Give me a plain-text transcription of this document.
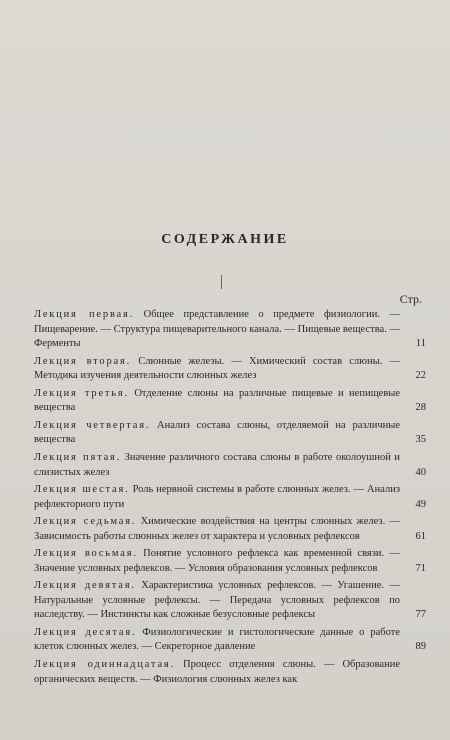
СОДЕРЖАНИЕ
Стр.
Лекция первая. Общее представление о предмете физиологии. — Пищеварение. — Структура пищеварительного канала. — Пищевые вещества. — Ферменты	11
Лекция вторая. Слюнные железы. — Химический состав слюны. — Методика изучения деятельности слюнных желез	22
Лекция третья. Отделение слюны на различные пищевые и непищевые вещества	28
Лекция четвертая. Анализ состава слюны, отделяемой на различные вещества	35
Лекция пятая. Значение различного состава слюны в работе околоушной и слизистых желез	40
Лекция шестая. Роль нервной системы в работе слюнных желез. — Анализ рефлекторного пути	49
Лекция седьмая. Химические воздействия на центры слюнных желез. — Зависимость работы слюнных желез от характера и условных рефлексов	61
Лекция восьмая. Понятие условного рефлекса как временной связи. — Значение условных рефлексов. — Условия образования условных рефлексов	71
Лекция девятая. Характеристика условных рефлексов. — Угашение. — Натуральные условные рефлексы. — Передача условных рефлексов по наследству. — Инстинкты как сложные безусловные рефлексы	77
Лекция десятая. Физиологические и гистологические данные о работе клеток слюнных желез. — Секреторное давление	89
Лекция одиннадцатая. Процесс отделения слюны. — Образование органических веществ. — Физиология слюнных желез как
